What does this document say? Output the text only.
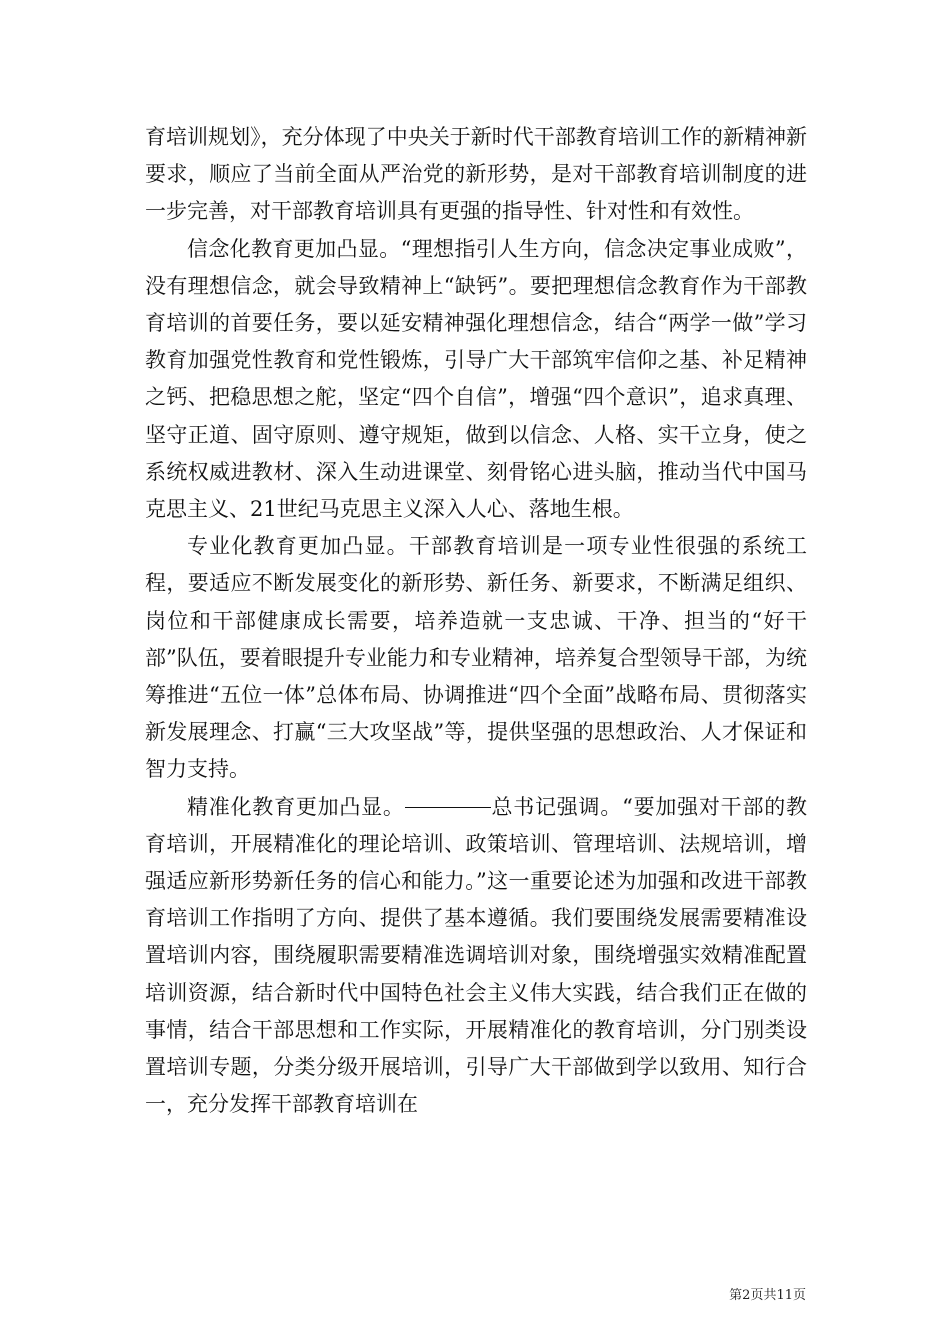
育培训规划》，充分体现了中央关于新时代干部教育培训工作的新精神新要求，顺应了当前全面从严治党的新形势，是对干部教育培训制度的进一步完善，对干部教育培训具有更强的指导性、针对性和有效性。

信念化教育更加凸显。“理想指引人生方向，信念决定事业成败”，没有理想信念，就会导致精神上“缺钙”。要把理想信念教育作为干部教育培训的首要任务，要以延安精神强化理想信念，结合“两学一做”学习教育加强党性教育和党性锻炼，引导广大干部筑牢信仰之基、补足精神之钙、把稳思想之舵，坚定“四个自信”，增强“四个意识”，追求真理、坚守正道、固守原则、遵守规矩，做到以信念、人格、实干立身，使之系统权威进教材、深入生动进课堂、刻骨铭心进头脑，推动当代中国马克思主义、21世纪马克思主义深入人心、落地生根。

专业化教育更加凸显。干部教育培训是一项专业性很强的系统工程，要适应不断发展变化的新形势、新任务、新要求，不断满足组织、岗位和干部健康成长需要，培养造就一支忠诚、干净、担当的“好干部”队伍，要着眼提升专业能力和专业精神，培养复合型领导干部，为统筹推进“五位一体”总体布局、协调推进“四个全面”战略布局、贯彻落实新发展理念、打赢“三大攻坚战”等，提供坚强的思想政治、人才保证和智力支持。

精准化教育更加凸显。	总书记强调。“要加强对干部的教育培训，开展精准化的理论培训、政策培训、管理培训、法规培训，增强适应新形势新任务的信心和能力。”这一重要论述为加强和改进干部教育培训工作指明了方向、提供了基本遵循。我们要围绕发展需要精准设置培训内容，围绕履职需要精准选调培训对象，围绕增强实效精准配置培训资源，结合新时代中国特色社会主义伟大实践，结合我们正在做的事情，结合干部思想和工作实际，开展精准化的教育培训，分门别类设置培训专题，分类分级开展培训，引导广大干部做到学以致用、知行合一，充分发挥干部教育培训在

第2页共11页
